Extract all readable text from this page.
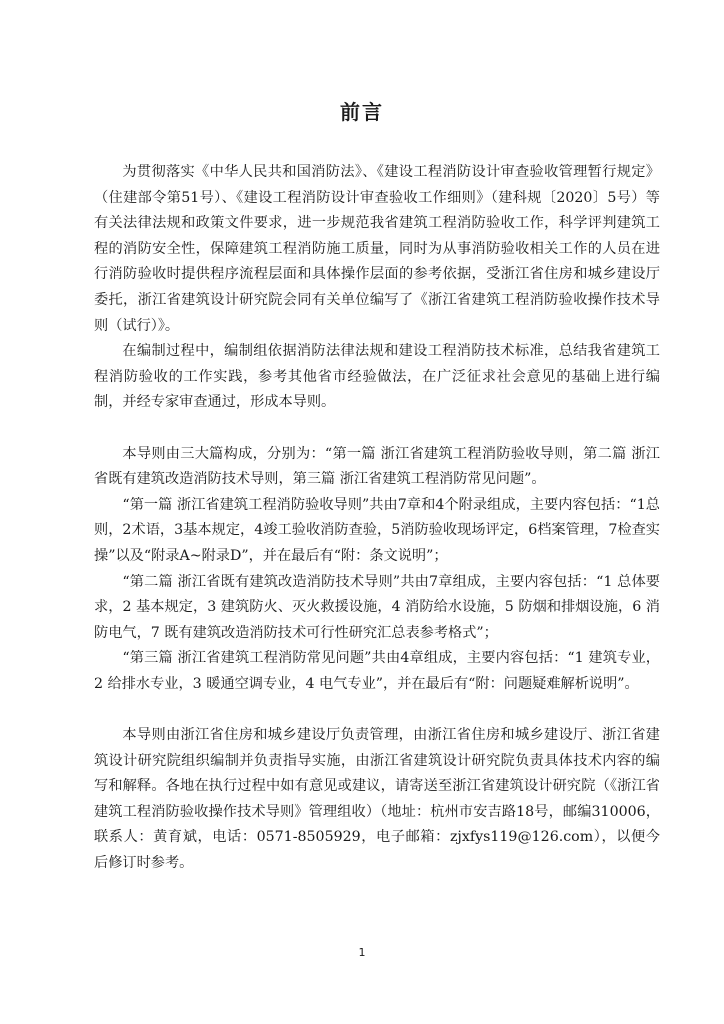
前言

为贯彻落实《中华人民共和国消防法》、《建设工程消防设计审查验收管理暂行规定》（住建部令第51号）、《建设工程消防设计审查验收工作细则》（建科规〔2020〕5号）等有关法律法规和政策文件要求，进一步规范我省建筑工程消防验收工作，科学评判建筑工程的消防安全性，保障建筑工程消防施工质量，同时为从事消防验收相关工作的人员在进行消防验收时提供程序流程层面和具体操作层面的参考依据，受浙江省住房和城乡建设厅委托，浙江省建筑设计研究院会同有关单位编写了《浙江省建筑工程消防验收操作技术导则（试行）》。

在编制过程中，编制组依据消防法律法规和建设工程消防技术标准，总结我省建筑工程消防验收的工作实践，参考其他省市经验做法，在广泛征求社会意见的基础上进行编制，并经专家审查通过，形成本导则。

本导则由三大篇构成，分别为：“第一篇 浙江省建筑工程消防验收导则，第二篇 浙江省既有建筑改造消防技术导则，第三篇 浙江省建筑工程消防常见问题”。

“第一篇 浙江省建筑工程消防验收导则”共由7章和4个附录组成，主要内容包括：“1总则，2术语，3基本规定，4竣工验收消防查验，5消防验收现场评定，6档案管理，7检查实操”以及“附录A~附录D”，并在最后有“附：条文说明”；

“第二篇 浙江省既有建筑改造消防技术导则”共由7章组成，主要内容包括：“1 总体要求，2 基本规定，3 建筑防火、灭火救援设施，4 消防给水设施，5 防烟和排烟设施，6 消防电气，7 既有建筑改造消防技术可行性研究汇总表参考格式”；

“第三篇 浙江省建筑工程消防常见问题”共由4章组成，主要内容包括：“1 建筑专业，2 给排水专业，3 暖通空调专业，4 电气专业”，并在最后有“附：问题疑难解析说明”。

本导则由浙江省住房和城乡建设厅负责管理，由浙江省住房和城乡建设厅、浙江省建筑设计研究院组织编制并负责指导实施，由浙江省建筑设计研究院负责具体技术内容的编写和解释。各地在执行过程中如有意见或建议，请寄送至浙江省建筑设计研究院（《浙江省建筑工程消防验收操作技术导则》管理组收）（地址：杭州市安吉路18号，邮编310006，联系人：黄育斌，电话：0571-8505929，电子邮箱：zjxfys119@126.com），以便今后修订时参考。

1
